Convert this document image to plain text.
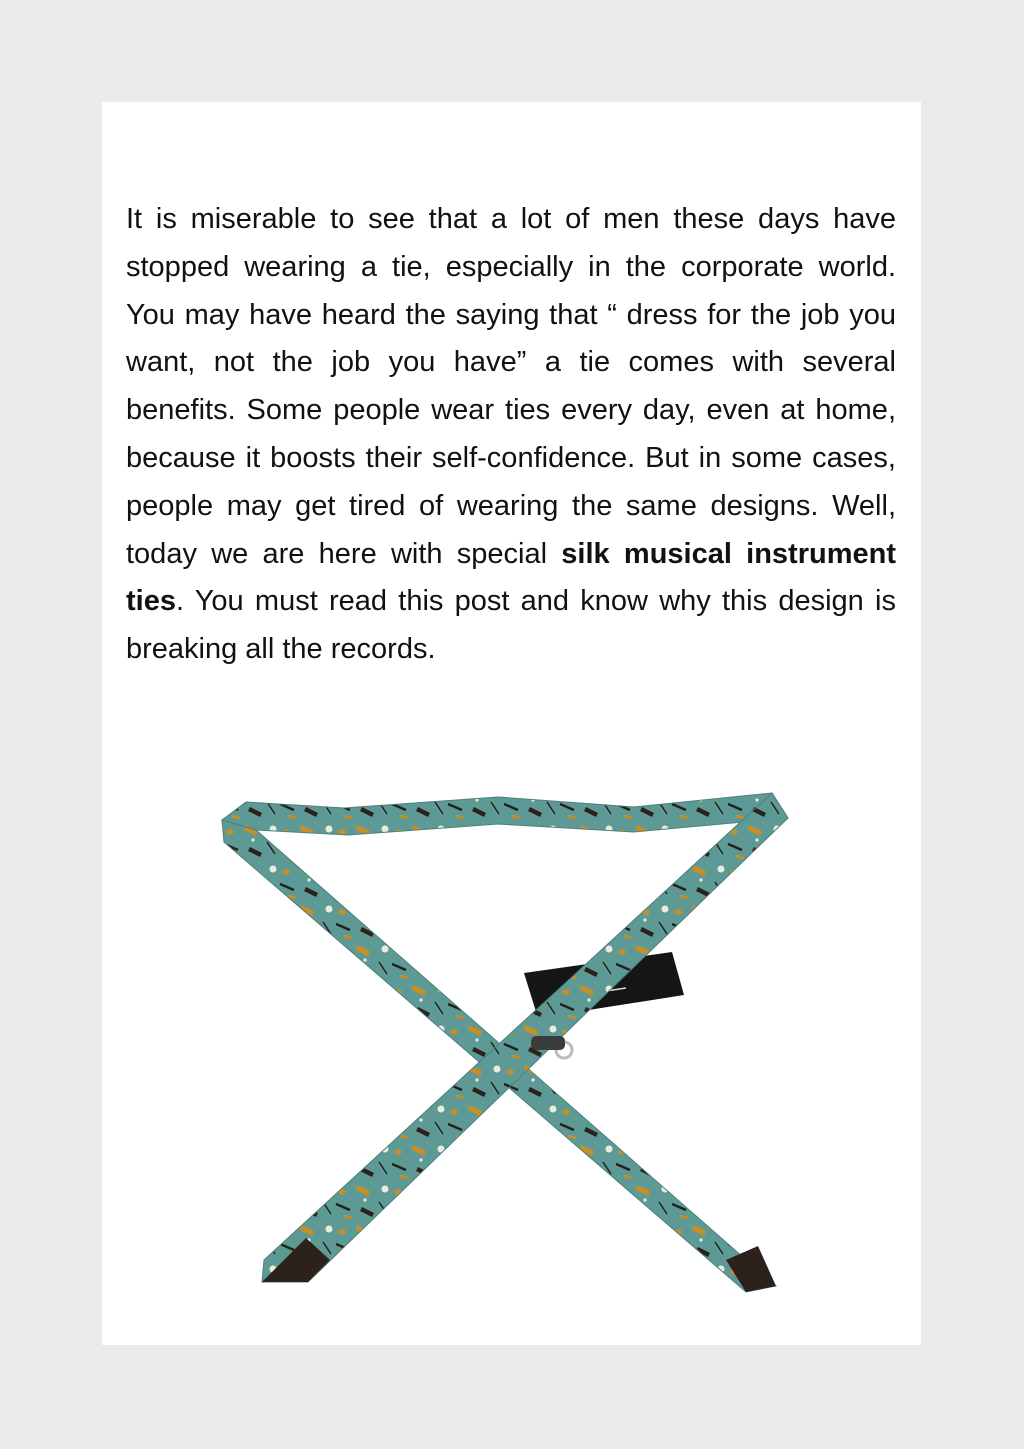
It is miserable to see that a lot of men these days have stopped wearing a tie, especially in the corporate world. You may have heard the saying that “ dress for the job you want, not the job you have” a tie comes with several benefits. Some people wear ties every day, even at home, because it boosts their self-confidence. But in some cases, people may get tired of wearing the same designs. Well, today we are here with special silk musical instrument ties. You must read this post and know why this design is breaking all the records.
